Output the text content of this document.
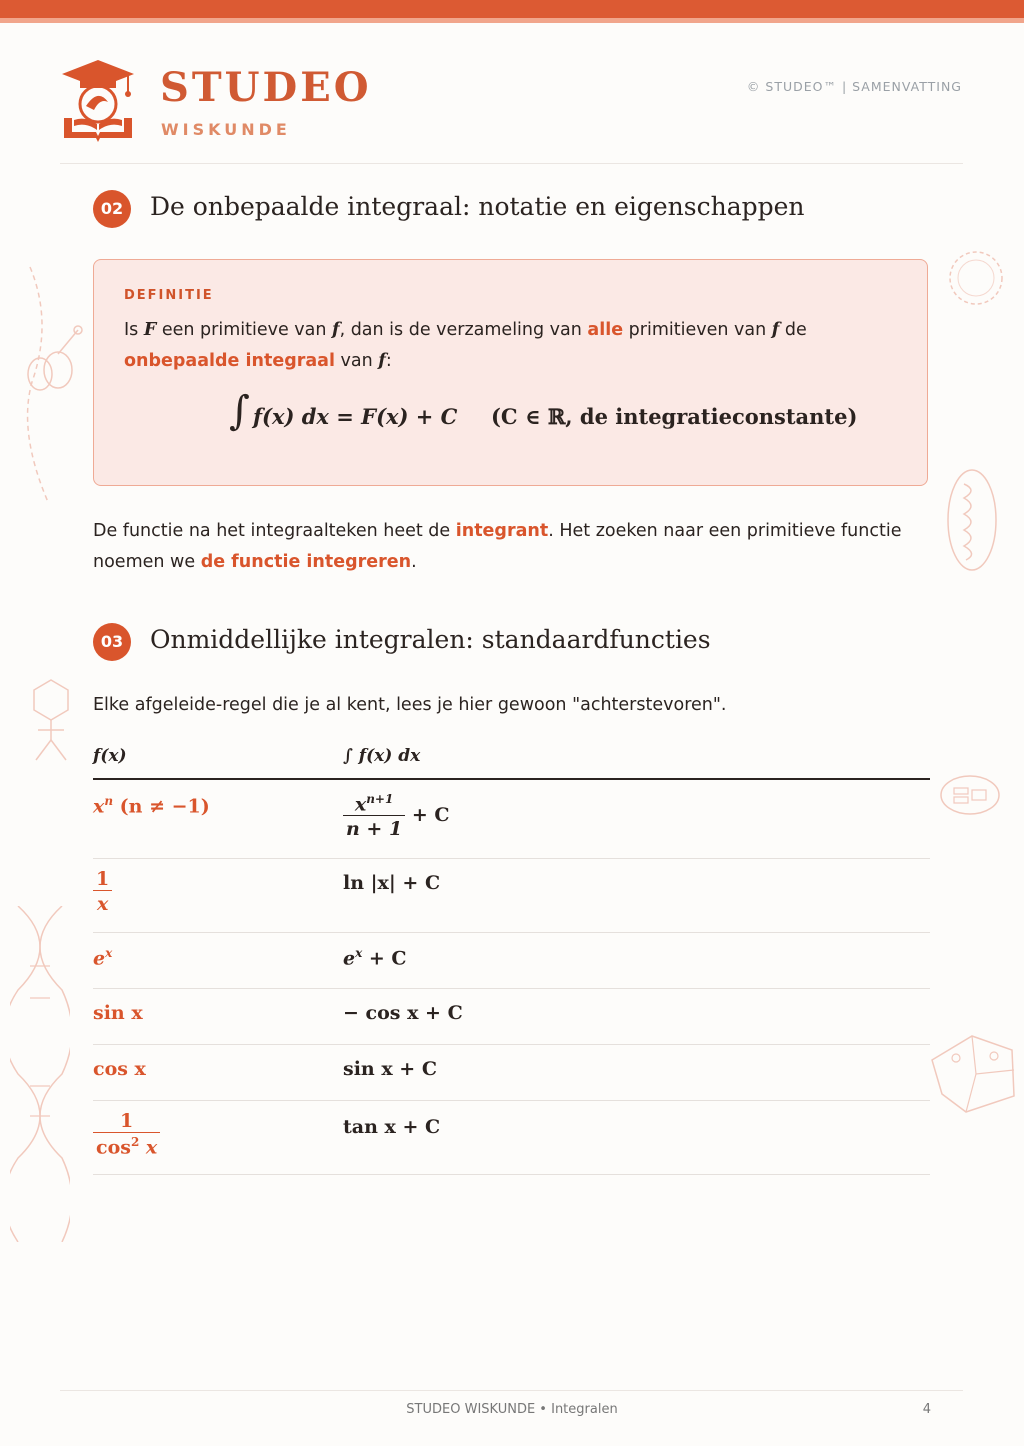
STUDEO
WISKUNDE
© STUDEO™ | SAMENVATTING
02	De onbepaalde integraal: notatie en eigenschappen
DEFINITIE
Is F een primitieve van f, dan is de verzameling van alle primitieven van f de onbepaalde integraal van f:
∫ f(x) dx = F(x) + C (C ∈ ℝ, de integratieconstante)
De functie na het integraalteken heet de integrant. Het zoeken naar een primitieve functie noemen we de functie integreren.
03	Onmiddellijke integralen: standaardfuncties
Elke afgeleide-regel die je al kent, lees je hier gewoon "achterstevoren".
f(x)	∫ f(x) dx
$x^n$ (n ≠ −1)	$\frac{x^{n+1}}{n + 1} + C$
$\frac{1}{x}$	ln |x| + C
$e^x$	$e^x + C$
sin x	− cos x + C
cos x	sin x + C
$\frac{1}{\cos^2 x}$	tan x + C
STUDEO WISKUNDE • Integralen	4
